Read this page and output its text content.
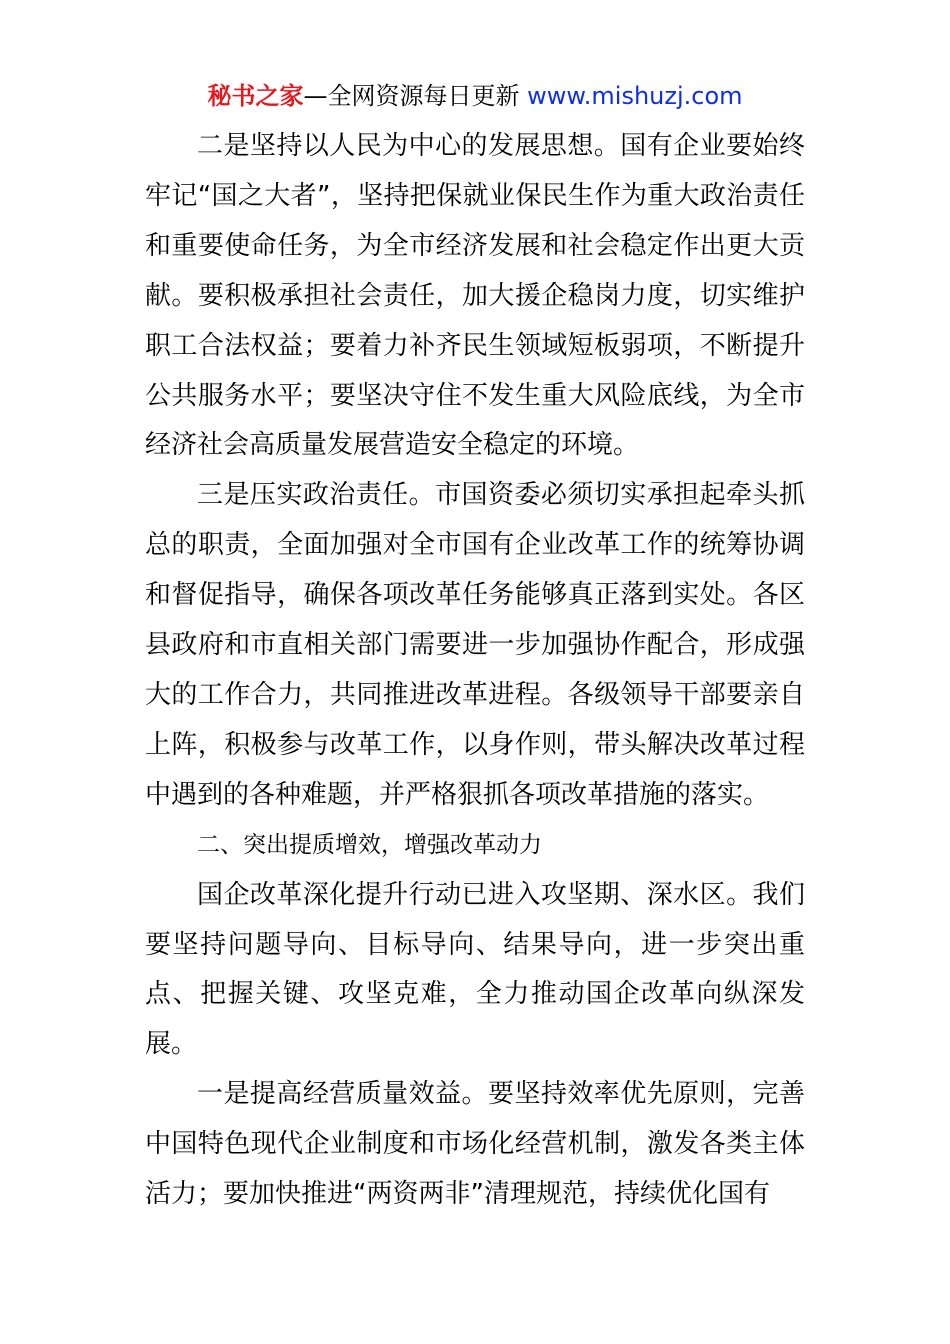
秘书之家—全网资源每日更新 www.mishuzj.com

二是坚持以人民为中心的发展思想。国有企业要始终牢记“国之大者”，坚持把保就业保民生作为重大政治责任和重要使命任务，为全市经济发展和社会稳定作出更大贡献。要积极承担社会责任，加大援企稳岗力度，切实维护职工合法权益；要着力补齐民生领域短板弱项，不断提升公共服务水平；要坚决守住不发生重大风险底线，为全市经济社会高质量发展营造安全稳定的环境。

三是压实政治责任。市国资委必须切实承担起牵头抓总的职责，全面加强对全市国有企业改革工作的统筹协调和督促指导，确保各项改革任务能够真正落到实处。各区县政府和市直相关部门需要进一步加强协作配合，形成强大的工作合力，共同推进改革进程。各级领导干部要亲自上阵，积极参与改革工作，以身作则，带头解决改革过程中遇到的各种难题，并严格狠抓各项改革措施的落实。

二、突出提质增效，增强改革动力

国企改革深化提升行动已进入攻坚期、深水区。我们要坚持问题导向、目标导向、结果导向，进一步突出重点、把握关键、攻坚克难，全力推动国企改革向纵深发展。

一是提高经营质量效益。要坚持效率优先原则，完善中国特色现代企业制度和市场化经营机制，激发各类主体活力；要加快推进“两资两非”清理规范，持续优化国有
